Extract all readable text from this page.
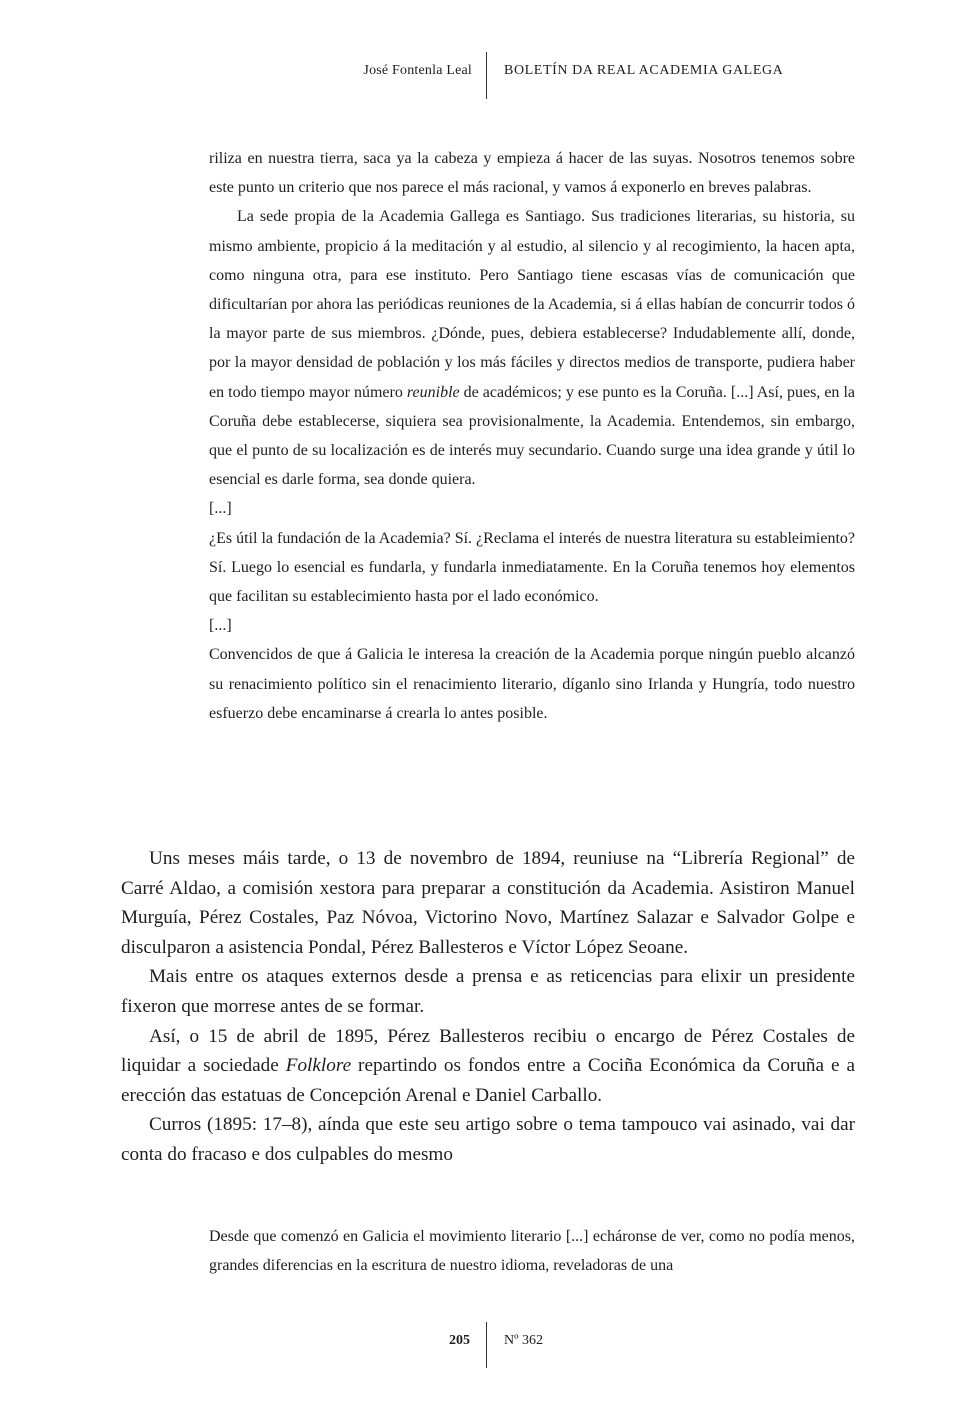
José Fontenla Leal BOLETÍN DA REAL ACADEMIA GALEGA

riliza en nuestra tierra, saca ya la cabeza y empieza á hacer de las suyas. Nosotros tenemos sobre este punto un criterio que nos parece el más racional, y vamos á exponerlo en breves palabras.

La sede propia de la Academia Gallega es Santiago. Sus tradiciones literarias, su historia, su mismo ambiente, propicio á la meditación y al estudio, al silencio y al recogimiento, la hacen apta, como ninguna otra, para ese instituto. Pero Santiago tiene escasas vías de comunicación que dificultarían por ahora las periódicas reuniones de la Academia, si á ellas habían de concurrir todos ó la mayor parte de sus miembros. ¿Dónde, pues, debiera establecerse? Indudablemente allí, donde, por la mayor densidad de población y los más fáciles y directos medios de transporte, pudiera haber en todo tiempo mayor número reunible de académicos; y ese punto es la Coruña. [...] Así, pues, en la Coruña debe establecerse, siquiera sea provisionalmente, la Academia. Entendemos, sin embargo, que el punto de su localización es de interés muy secundario. Cuando surge una idea grande y útil lo esencial es darle forma, sea donde quiera.

[...]

¿Es útil la fundación de la Academia? Sí. ¿Reclama el interés de nuestra literatura su estableimiento? Sí. Luego lo esencial es fundarla, y fundarla inmediatamente. En la Coruña tenemos hoy elementos que facilitan su establecimiento hasta por el lado económico.

[...]

Convencidos de que á Galicia le interesa la creación de la Academia porque ningún pueblo alcanzó su renacimiento político sin el renacimiento literario, díganlo sino Irlanda y Hungría, todo nuestro esfuerzo debe encaminarse á crearla lo antes posible.

Uns meses máis tarde, o 13 de novembro de 1894, reuniuse na “Librería Regional” de Carré Aldao, a comisión xestora para preparar a constitución da Academia. Asistiron Manuel Murguía, Pérez Costales, Paz Nóvoa, Victorino Novo, Martínez Salazar e Salvador Golpe e disculparon a asistencia Pondal, Pérez Ballesteros e Víctor López Seoane.

Mais entre os ataques externos desde a prensa e as reticencias para elixir un presidente fixeron que morrese antes de se formar.

Así, o 15 de abril de 1895, Pérez Ballesteros recibiu o encargo de Pérez Costales de liquidar a sociedade Folklore repartindo os fondos entre a Cociña Económica da Coruña e a erección das estatuas de Concepción Arenal e Daniel Carballo.

Curros (1895: 17–8), aínda que este seu artigo sobre o tema tampouco vai asinado, vai dar conta do fracaso e dos culpables do mesmo

Desde que comenzó en Galicia el movimiento literario [...] echáronse de ver, como no podía menos, grandes diferencias en la escritura de nuestro idioma, reveladoras de una

205 Nº 362
